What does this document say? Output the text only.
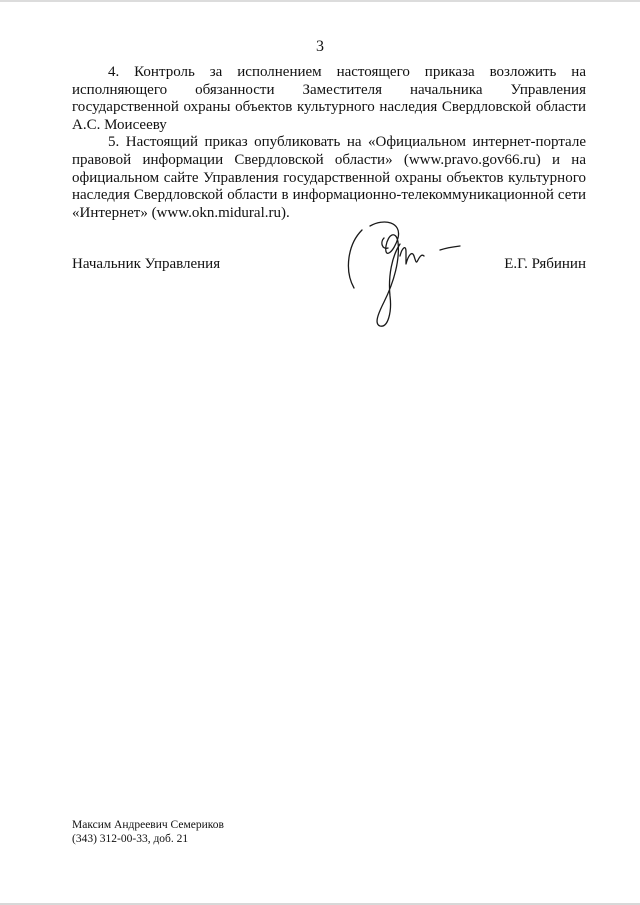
3

4. Контроль за исполнением настоящего приказа возложить на исполняющего обязанности Заместителя начальника Управления государственной охраны объектов культурного наследия Свердловской области А.С. Моисееву

5. Настоящий приказ опубликовать на «Официальном интернет-портале правовой информации Свердловской области» (www.pravo.gov66.ru) и на официальном сайте Управления государственной охраны объектов культурного наследия Свердловской области в информационно-телекоммуникационной сети «Интернет» (www.okn.midural.ru).

Начальник Управления	Е.Г. Рябинин
Максим Андреевич Семериков
(343) 312-00-33, доб. 21
